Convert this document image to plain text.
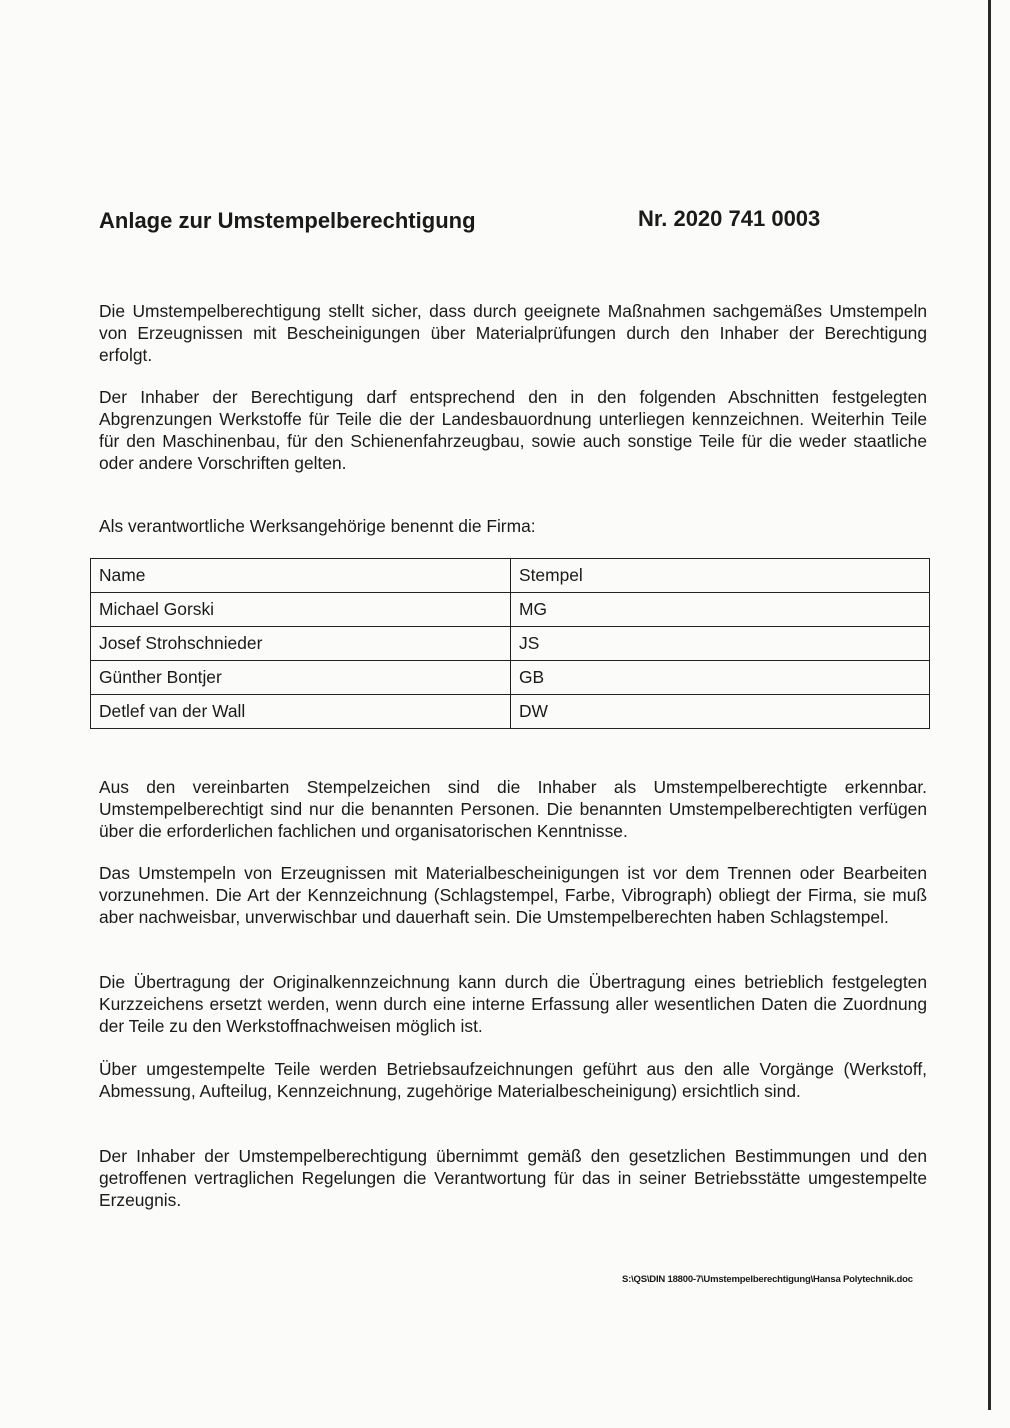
Anlage zur Umstempelberechtigung	Nr. 2020 741 0003

Die Umstempelberechtigung stellt sicher, dass durch geeignete Maßnahmen sachgemäßes Umstempeln von Erzeugnissen mit Bescheinigungen über Materialprüfungen durch den Inhaber der Berechtigung erfolgt.

Der Inhaber der Berechtigung darf entsprechend den in den folgenden Abschnitten festgelegten Abgrenzungen Werkstoffe für Teile die der Landesbauordnung unterliegen kennzeichnen. Weiterhin Teile für den Maschinenbau, für den Schienenfahrzeugbau, sowie auch sonstige Teile für die weder staatliche oder andere Vorschriften gelten.

Als verantwortliche Werksangehörige benennt die Firma:

Name	Stempel
Michael Gorski	MG
Josef Strohschnieder	JS
Günther Bontjer	GB
Detlef van der Wall	DW

Aus den vereinbarten Stempelzeichen sind die Inhaber als Umstempelberechtigte erkennbar. Umstempelberechtigt sind nur die benannten Personen. Die benannten Umstempelberechtigten verfügen über die erforderlichen fachlichen und organisatorischen Kenntnisse.

Das Umstempeln von Erzeugnissen mit Materialbescheinigungen ist vor dem Trennen oder Bearbeiten vorzunehmen. Die Art der Kennzeichnung (Schlagstempel, Farbe, Vibrograph) obliegt der Firma, sie muß aber nachweisbar, unverwischbar und dauerhaft sein. Die Umstempelberechten haben Schlagstempel.

Die Übertragung der Originalkennzeichnung kann durch die Übertragung eines betrieblich festgelegten Kurzzeichens ersetzt werden, wenn durch eine interne Erfassung aller wesentlichen Daten die Zuordnung der Teile zu den Werkstoffnachweisen möglich ist.

Über umgestempelte Teile werden Betriebsaufzeichnungen geführt aus den alle Vorgänge (Werkstoff, Abmessung, Aufteilug, Kennzeichnung, zugehörige Materialbescheinigung) ersichtlich sind.

Der Inhaber der Umstempelberechtigung übernimmt gemäß den gesetzlichen Bestimmungen und den getroffenen vertraglichen Regelungen die Verantwortung für das in seiner Betriebsstätte umgestempelte Erzeugnis.

S:\QS\DIN 18800-7\Umstempelberechtigung\Hansa Polytechnik.doc
